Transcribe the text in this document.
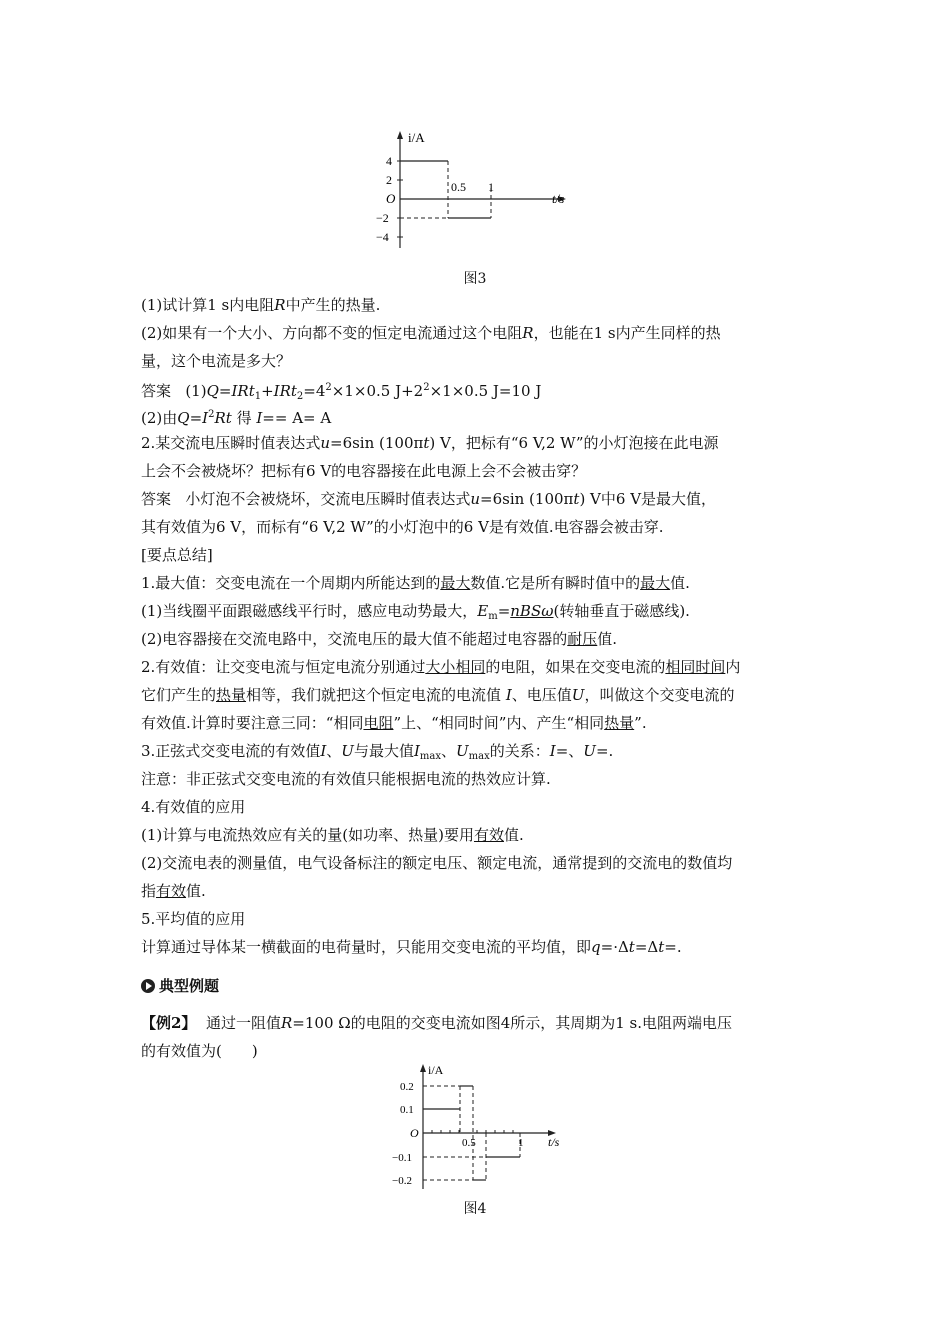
i/A
t/s
O
4
2
−2
−4
0.5 1
图3
(1)试计算1 s内电阻R中产生的热量.
(2)如果有一个大小、方向都不变的恒定电流通过这个电阻R，也能在1 s内产生同样的热
量，这个电流是多大？
答案 $(1)Q=IRt_1+IRt_2=4^2\times 1\times 0.5$ $J+2^2\times 1\times 0.5$ J=10 J
(2)由$Q=I^2Rt$ 得 I== A= A
2.某交流电压瞬时值表达式u=6sin (100πt) V，把标有“6 V,2 W”的小灯泡接在此电源
上会不会被烧坏？把标有6 V的电容器接在此电源上会不会被击穿？
答案 小灯泡不会被烧坏，交流电压瞬时值表达式u=6sin (100πt) V中6 V是最大值，
其有效值为6 V，而标有“6 V,2 W”的小灯泡中的6 V是有效值.电容器会被击穿.
[要点总结]
1.最大值：交变电流在一个周期内所能达到的最大数值.它是所有瞬时值中的最大值.
(1)当线圈平面跟磁感线平行时，感应电动势最大，$E_m=nBS\omega$(转轴垂直于磁感线).
(2)电容器接在交流电路中，交流电压的最大值不能超过电容器的耐压值.
2.有效值：让交变电流与恒定电流分别通过大小相同的电阻，如果在交变电流的相同时间内
它们产生的热量相等，我们就把这个恒定电流的电流值 I、电压值U，叫做这个交变电流的
有效值.计算时要注意三同：“相同电阻”上、“相同时间”内、产生“相同热量”.
3.正弦式交变电流的有效值I、U与最大值$I_{max}$、$U_{max}$的关系：I=、U=.
注意：非正弦式交变电流的有效值只能根据电流的热效应计算.
4.有效值的应用
(1)计算与电流热效应有关的量(如功率、热量)要用有效值.
(2)交流电表的测量值，电气设备标注的额定电压、额定电流，通常提到的交流电的数值均
指有效值.
5.平均值的应用
计算通过导体某一横截面的电荷量时，只能用交变电流的平均值，即q=·Δt=Δt=.
典型例题
【例2】 通过一阻值R=100 Ω的电阻的交变电流如图4所示，其周期为1 s.电阻两端电压
的有效值为(　　)
i/A
t/s
O
0.2
0.1
−0.1
−0.2
0.5	1
图4
